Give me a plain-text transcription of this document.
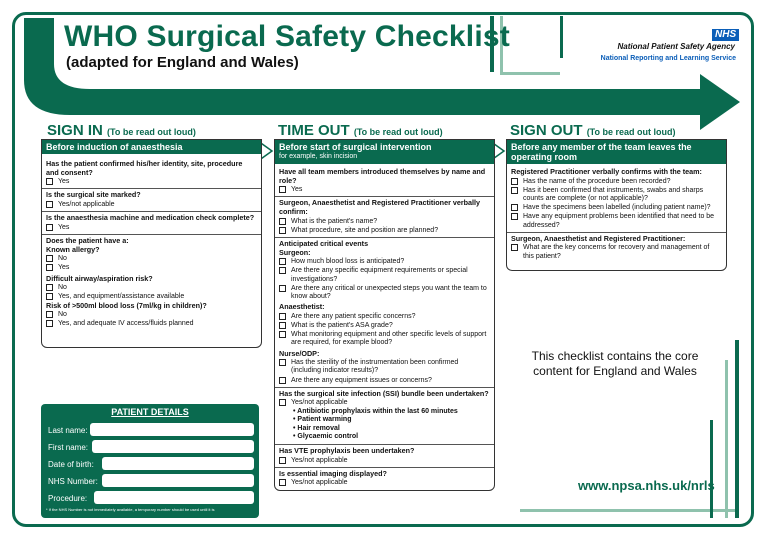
WHO Surgical Safety Checklist
(adapted for England and Wales)
NHS
National Patient Safety Agency
National Reporting and Learning Service
SIGN IN (To be read out loud)
Before induction of anaesthesia
Has the patient confirmed his/her identity, site, procedure and consent?
Yes
Is the surgical site marked?
Yes/not applicable
Is the anaesthesia machine and medication check complete?
Yes
Does the patient have a:
Known allergy?
No
Yes
Difficult airway/aspiration risk?
No
Yes, and equipment/assistance available
Risk of >500ml blood loss (7ml/kg in children)?
No
Yes, and adequate IV access/fluids planned
TIME OUT (To be read out loud)
Before start of surgical intervention
for example, skin incision
Have all team members introduced themselves by name and role?
Yes
Surgeon, Anaesthetist and Registered Practitioner verbally confirm:
What is the patient's name?
What procedure, site and position are planned?
Anticipated critical events
Surgeon:
How much blood loss is anticipated?
Are there any specific equipment requirements or special investigations?
Are there any critical or unexpected steps you want the team to know about?
Anaesthetist:
Are there any patient specific concerns?
What is the patient's ASA grade?
What monitoring equipment and other specific levels of support are required, for example blood?
Nurse/ODP:
Has the sterility of the instrumentation been confirmed (including indicator results)?
Are there any equipment issues or concerns?
Has the surgical site infection (SSI) bundle been undertaken?
Yes/not applicable
• Antibiotic prophylaxis within the last 60 minutes
• Patient warming
• Hair removal
• Glycaemic control
Has VTE prophylaxis been undertaken?
Yes/not applicable
Is essential imaging displayed?
Yes/not applicable
SIGN OUT (To be read out loud)
Before any member of the team leaves the operating room
Registered Practitioner verbally confirms with the team:
Has the name of the procedure been recorded?
Has it been confirmed that instruments, swabs and sharps counts are complete (or not applicable)?
Have the specimens been labelled (including patient name)?
Have any equipment problems been identified that need to be addressed?
Surgeon, Anaesthetist and Registered Practitioner:
What are the key concerns for recovery and management of this patient?
PATIENT DETAILS
Last name:
First name:
Date of birth:
NHS Number:
Procedure:
* If the NHS Number is not immediately available, a temporary number should be used until it is
This checklist contains the core content for England and Wales
www.npsa.nhs.uk/nrls
